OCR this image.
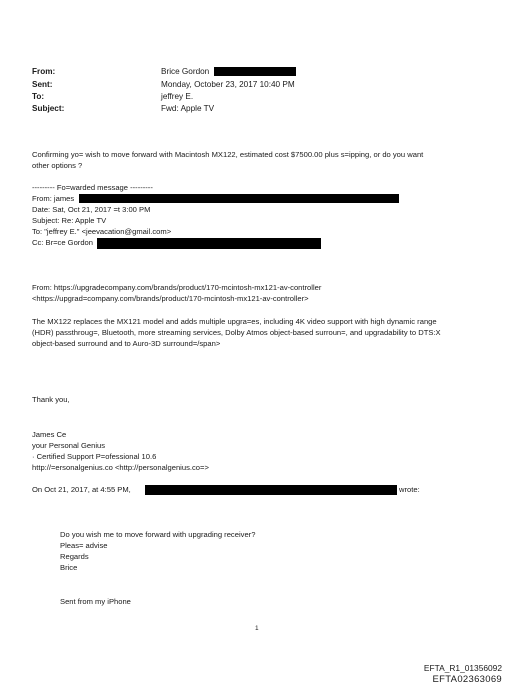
From:	Brice Gordon
Sent:	Monday, October 23, 2017 10:40 PM
To:	jeffrey E.
Subject:	Fwd: Apple TV
Confirming yo= wish to move forward with Macintosh MX122, estimated cost $7500.00 plus s=ipping, or do you want
other options ?
--------- Fo=warded message ---------
From: james
Date: Sat, Oct 21, 2017 =t 3:00 PM
Subject: Re: Apple TV
To: "jeffrey E." <jeevacation@gmail.com>
Cc: Br=ce Gordon
From: https://upgradecompany.com/brands/product/170-mcintosh-mx121-av-controller
<https://upgrad=company.com/brands/product/170-mcintosh-mx121-av-controller>
The MX122 replaces the MX121 model and adds multiple upgra=es, including 4K video support with high dynamic range
(HDR) passthroug=, Bluetooth, more streaming services, Dolby Atmos object-based surroun=, and upgradability to DTS:X
object-based surround and to Auro-3D surround=/span>
Thank you,
James Ce
your Personal Genius
· Certified Support P=ofessional 10.6
http://=ersonalgenius.co <http://personalgenius.co=>
On Oct 21, 2017, at 4:55 PM,	wrote:
Do you wish me to move forward with upgrading receiver?
Pleas= advise
Regards
Brice
Sent from my iPhone
1
EFTA_R1_01356092
EFTA02363069
